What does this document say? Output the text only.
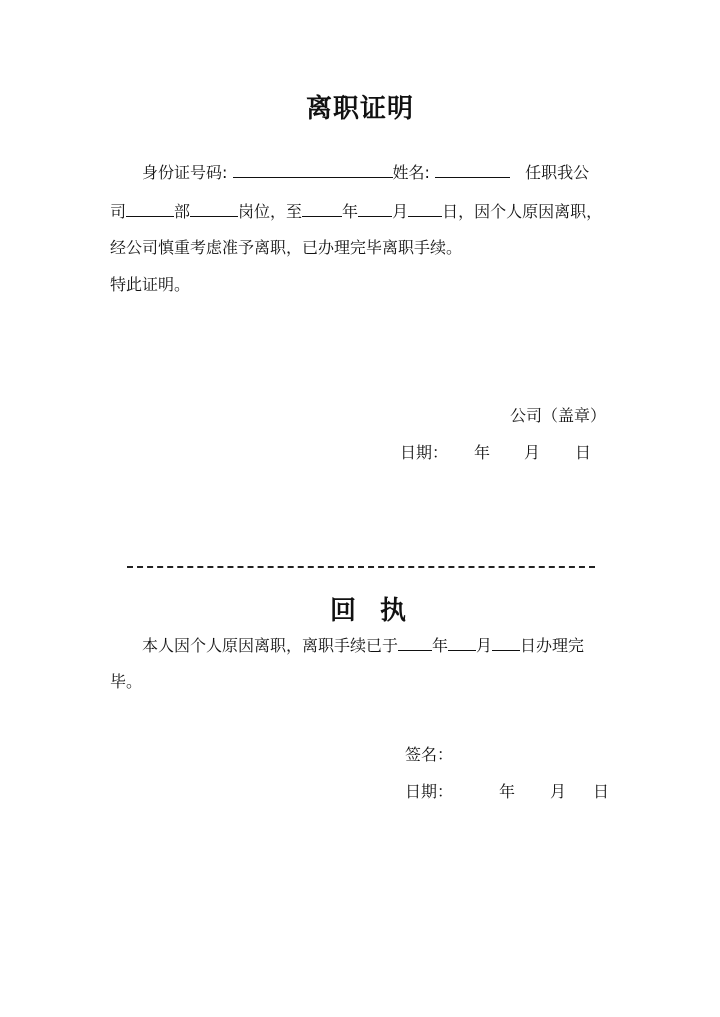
离职证明
身份证号码:	姓名:	任职我公
司	部	岗位，至	年 月 日，因个人原因离职，
经公司慎重考虑准予离职，已办理完毕离职手续。
特此证明。
公司（盖章）
日期： 年 月 日
回 执
本人因个人原因离职，离职手续已于 年 月 日办理完
毕。
签名：
日期：	年 月 日
